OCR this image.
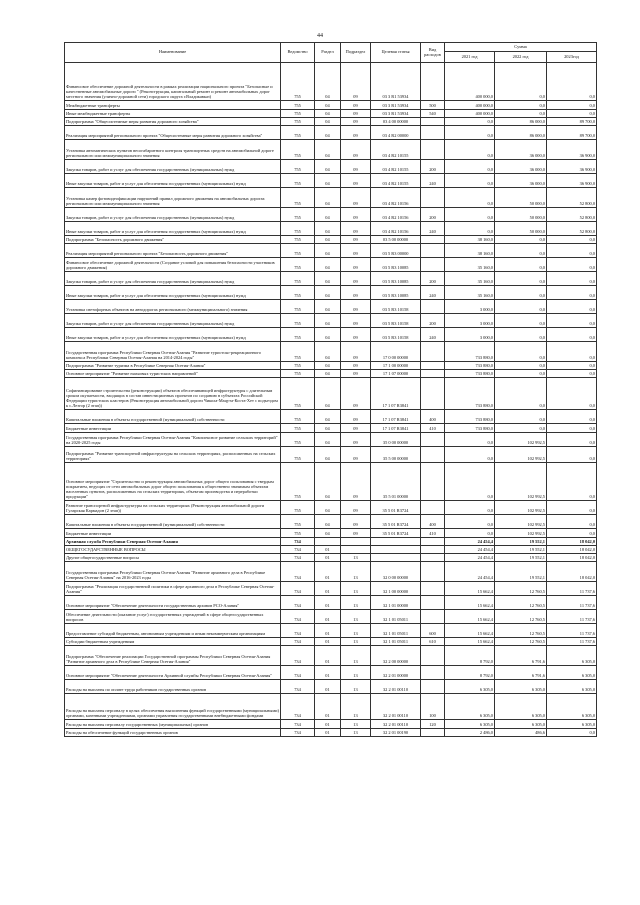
44
Наименование	Ведомство	Раздел	Подраздел	Целевая статья	Вид расходов	Сумма		
						2021 год	2022 год	2023год
Финансовое обеспечение дорожной деятельности в рамках реализации национального проекта "Безопасные и качественные автомобильные дороги " (Реконструкция, капитальный ремонт и ремонт автомобильных дорог местного значения (улично-дорожной сети) городского округа г.Владикавказ)	755	04	09	03 3 R1 53934		400 000,0	0,0	0,0
Межбюджетные трансферты	755	04	09	03 3 R1 53934	500	400 000,0	0,0	0,0
Иные межбюджетные трансферты	755	04	09	03 3 R1 53934	540	400 000,0	0,0	0,0
Подпрограмма "Общесистемные меры развития дорожного хозяйства"	755	04	09	03 4 00 00000		0,0	86 000,0	89 700,0
Реализация мероприятий регионального проекта "Общесистемные меры развития дорожного хозяйства"	755	04	09	03 4 R2 00000		0,0	86 000,0	89 700,0
Установка автоматических пунктов весогабаритного контроля транспортных средств на автомобильной дороге регионального или межмуниципального значения	755	04	09	03 4 R2 10155		0,0	36 000,0	36 900,0
Закупка товаров, работ и услуг для обеспечения государственных (муниципальных) нужд	755	04	09	03 4 R2 10155	200	0,0	36 000,0	36 900,0
Иные закупки товаров, работ и услуг для обеспечения государственных (муниципальных) нужд	755	04	09	03 4 R2 10155	240	0,0	36 000,0	36 900,0
Установка камер фотовидеофиксации нарушений правил дорожного движения на автомобильных дорогах регионального или межмуниципального значения	755	04	09	03 4 R2 10156		0,0	50 000,0	52 800,0
Закупка товаров, работ и услуг для обеспечения государственных (муниципальных) нужд	755	04	09	03 4 R2 10156	200	0,0	50 000,0	52 800,0
Иные закупки товаров, работ и услуг для обеспечения государственных (муниципальных) нужд	755	04	09	03 4 R2 10156	240	0,0	50 000,0	52 800,0
Подпрограмма "Безопасность дорожного движения"	755	04	09	03 5 00 00000		38 160,0	0,0	0,0
Реализация мероприятий регионального проекта "Безопасность дорожного движения"	755	04	09	03 5 R3 00000		38 160,0	0,0	0,0
Финансовое обеспечение дорожной деятельности (Создание условий для повышения безопасности участников дорожного движения)	755	04	09	03 5 R3 10085		35 160,0	0,0	0,0
Закупка товаров, работ и услуг для обеспечения государственных (муниципальных) нужд	755	04	09	03 5 R3 10085	200	35 160,0	0,0	0,0
Иные закупки товаров, работ и услуг для обеспечения государственных (муниципальных) нужд	755	04	09	03 5 R3 10085	240	35 160,0	0,0	0,0
Установка светофорных объектов на автодорогах регионального (межмуниципального) значения	755	04	09	03 5 R3 10158		3 000,0	0,0	0,0
Закупка товаров, работ и услуг для обеспечения государственных (муниципальных) нужд	755	04	09	03 5 R3 10158	200	3 000,0	0,0	0,0
Иные закупки товаров, работ и услуг для обеспечения государственных (муниципальных) нужд	755	04	09	03 5 R3 10158	240	3 000,0	0,0	0,0
Государственная программа Республики Северная Осетия-Алания "Развитие туристско-рекреационного комплекса Республики Северная Осетия-Алания на 2014-2024 годы"	755	04	09	17 0 00 00000		733 880,0	0,0	0,0
Подпрограмма "Развитие туризма в Республике Северная Осетия-Алания"	755	04	09	17 1 00 00000		733 880,0	0,0	0,0
Основное мероприятие "Развитие massовых туристских направлений"	755	04	09	17 1 07 00000		733 880,0	0,0	0,0
Софинансирование строительства (реконструкции) объектов обеспечивающей инфраструктуры с длительным сроком окупаемости, входящих в состав инвестиционных проектов по созданию в субъектах Российской Федерации туристских кластеров (Реконструкция автомобильной дороги Чикола-Мацута-Коста-Хет с подъездом к с.Лезгор (2 этап))	755	04	09	17 1 07 R3841		733 880,0	0,0	0,0
Капитальные вложения в объекты государственной (муниципальной) собственности	755	04	09	17 1 07 R3841	400	733 880,0	0,0	0,0
Бюджетные инвестиции	755	04	09	17 1 07 R3841	410	733 880,0	0,0	0,0
Государственная программа Республики Северная Осетия-Алания "Комплексное развитие сельских территорий" на 2020-2025 годы	755	04	09	35 0 00 00000		0,0	102 992,5	0,0
Подпрограмма "Развитие транспортной инфраструктуры на сельских территориях, расположенных на сельских территориях"	755	04	09	35 5 00 00000		0,0	102 992,5	0,0
Основное мероприятие "Строительство и реконструкция автомобильных дорог общего пользования с твердым покрытием, ведущих от сети автомобильных дорог общего пользования к общественно значимым объектам населенных пунктов, расположенных на сельских территориях, объектам производства и переработки продукции"	755	04	09	35 5 01 00000		0,0	102 992,5	0,0
Развитие транспортной инфраструктуры на сельских территориях (Реконструкция автомобильной дороги Гуларская Кармадон (2 этап))	755	04	09	35 5 01 R3724		0,0	102 992,5	0,0
Капитальные вложения в объекты государственной (муниципальной) собственности	755	04	09	35 5 01 R3724	400	0,0	102 992,5	0,0
Бюджетные инвестиции	755	04	09	35 5 01 R3724	410	0,0	102 992,5	0,0
Архивная служба Республики Северная Осетия-Алания	734					24 454,4	19 552,1	18 042,0
ОБЩЕГОСУДАРСТВЕННЫЕ ВОПРОСЫ	734	01				24 454,4	19 552,1	18 042,0
Другие общегосударственные вопросы	734	01	13			24 454,4	19 552,1	18 042,0
Государственная программа Республики Северная Осетия-Алания "Развитие архивного дела в Республике Северная Осетия-Алания" на 2016-2023 годы	734	01	13	32 0 00 00000		24 454,4	19 552,1	18 042,0
Подпрограмма "Реализация государственной политики в сфере архивного дела в Республике Северная Осетия-Алания"	734	01	13	32 1 00 00000		15 662,4	12 760,5	11 737,6
Основное мероприятие "Обеспечение деятельности государственных архивов РСО-Алания"	734	01	13	32 1 01 00000		15 662,4	12 760,5	11 737,6
Обеспечение деятельности (оказание услуг) государственных учреждений в сфере общегосударственных вопросов	734	01	13	32 1 01 05011		15 662,4	12 760,5	11 737,6
Предоставление субсидий бюджетным, автономным учреждениям и иным некоммерческим организациям	734	01	13	32 1 01 05011	600	15 662,4	12 760,5	11 737,6
Субсидии бюджетным учреждениям	734	01	13	32 1 01 05011	610	15 662,4	12 760,5	11 737,6
Подпрограмма "Обеспечение реализации Государственной программы Республики Северная Осетия-Алания "Развитие архивного дела в Республике Северная Осетия-Алания"	734	01	13	32 2 00 00000		8 792,0	6 791,6	6 305,0
Основное мероприятие "Обеспечение деятельности Архивной службы Республики Северная Осетия-Алания"	734	01	13	32 2 01 00000		8 792,0	6 791,6	6 305,0
Расходы на выплаты по оплате труда работников государственных органов	734	01	13	32 2 01 00110		6 305,0	6 305,0	6 305,0
Расходы на выплаты персоналу в целях обеспечения выполнения функций государственными (муниципальными) органами, казенными учреждениями, органами управления государственными внебюджетными фондами	734	01	13	32 2 01 00110	100	6 305,0	6 305,0	6 305,0
Расходы на выплаты персоналу государственных (муниципальных) органов	734	01	13	32 2 01 00110	120	6 305,0	6 305,0	6 305,0
Расходы на обеспечение функций государственных органов	734	01	13	32 2 01 00190		2 486,0	486,6	0,0
